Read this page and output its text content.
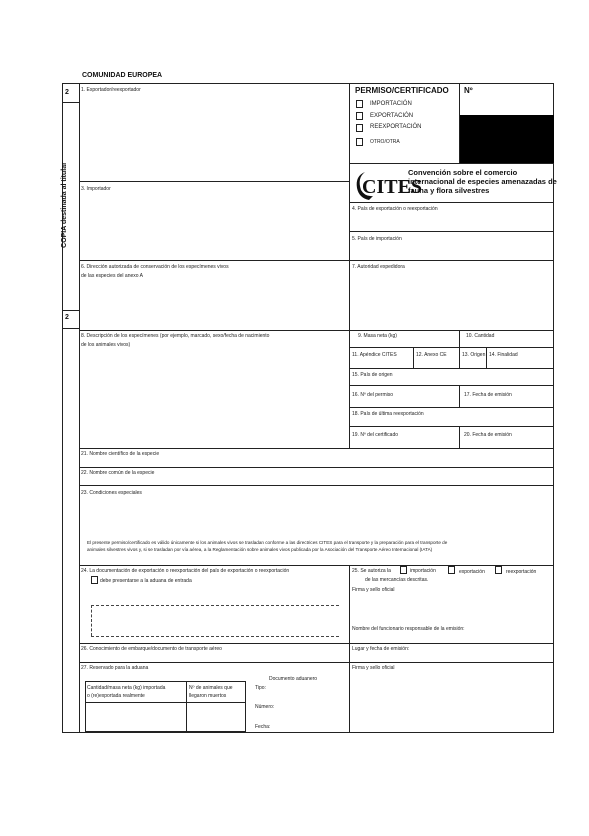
COMUNIDAD EUROPEA
2
2
COPIA destinada al titular
1. Exportador/reexportador
3. Importador
6. Dirección autorizada de conservación de los especímenes vivos
de las especies del anexo A
8. Descripción de los especímenes (por ejemplo, marcado, sexo/fecha de nacimiento
de los animales vivos)
PERMISO/CERTIFICADO Nº
IMPORTACIÓN
EXPORTACIÓN
REEXPORTACIÓN
OTRO/OTRA
CITES
Convención sobre el comercio
internacional de especies amenazadas de
fauna y flora silvestres
4. País de exportación o reexportación
5. País de importación
7. Autoridad expedidora
9. Masa neta (kg)	10. Cantidad
11. Apéndice CITES	12. Anexo CE	13. Origen 14. Finalidad
15. País de origen
16. Nº del permiso	17. Fecha de emisión
18. País de última reexportación
19. Nº del certificado	20. Fecha de emisión
21. Nombre científico de la especie
22. Nombre común de la especie
23. Condiciones especiales
El presente permiso/certificado es válido únicamente si los animales vivos se trasladan conforme a las directrices CITES para el transporte y la preparación para el transporte de
animales silvestres vivos y, si se trasladan por vía aérea, a la Reglamentación sobre animales vivos publicada por la Asociación del Transporte Aéreo Internacional (IATA)
24. La documentación de exportación o reexportación del país de exportación o reexportación
debe presentarse a la aduana de entrada
25. Se autoriza la	importación	exportación	reexportación
de las mercancías descritas.
Firma y sello oficial
Nombre del funcionario responsable de la emisión:
Lugar y fecha de emisión:
26. Conocimiento de embarque/documento de transporte aéreo
27. Reservado para la aduana	Firma y sello oficial
Cantidad/masa neta (kg) importada
o (re)exportada realmente
Nº de animales que
llegaron muertos
Documento aduanero
Tipo:
Número:
Fecha:
